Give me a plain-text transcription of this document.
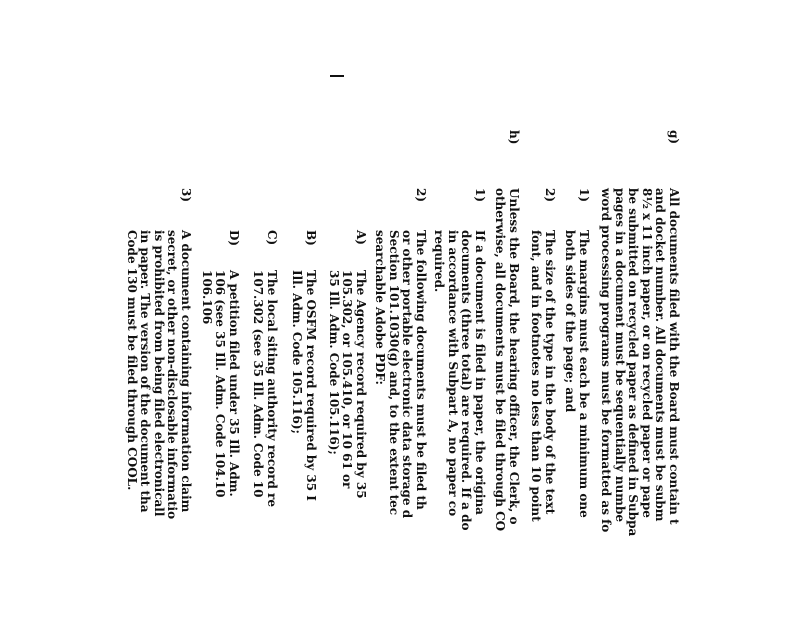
g)
All documents filed with the Board must contain t
and docket number. All documents must be subm
8½ x 11 inch paper, or on recycled paper or pape
be submitted on recycled paper as defined in Subpa
pages in a document must be sequentially numbe
word processing programs must be formatted as fo
1)
The margins must each be a minimum one
both sides of the page; and
2)
The size of the type in the body of the text
font, and in footnotes no less than 10 point
h)
Unless the Board, the hearing officer, the Clerk, o
otherwise, all documents must be filed through CO
1)
If a document is filed in paper, the origina
documents (three total) are required. If a do
in accordance with Subpart A, no paper co
required.
2)
The following documents must be filed th
or other portable electronic data storage d
Section 101.1030(g) and, to the extent tec
searchable Adobe PDF:
A)
The Agency record required by 35
105.302, or 105.410, or 10 61 or
35 Ill. Adm. Code 105.116);
B)
The OSFM record required by 35 I
Ill. Adm. Code 105.116);
C)
The local siting authority record re
107.302 (see 35 Ill. Adm. Code 10
D)
A petition filed under 35 Ill. Adm.
106 (see 35 Ill. Adm. Code 104.10
106.106
3)
A document containing information claim
secret, or other non-disclosable informatio
is prohibited from being filed electronicall
in paper. The version of the document tha
Code 130 must be filed through COOL.
